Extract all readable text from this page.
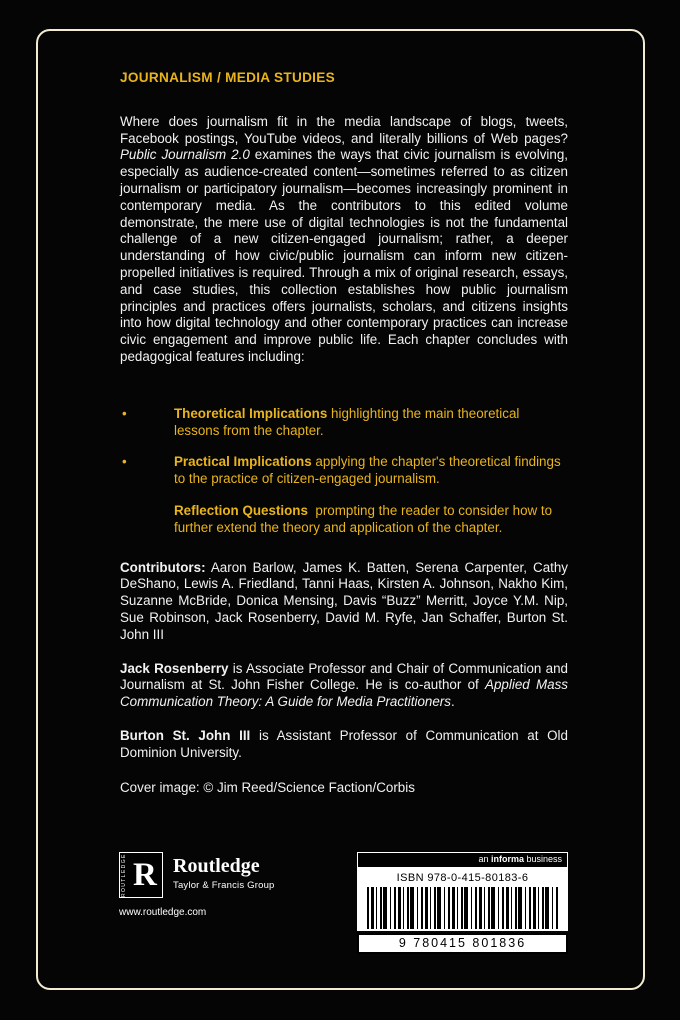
JOURNALISM / MEDIA STUDIES

Where does journalism fit in the media landscape of blogs, tweets, Facebook postings, YouTube videos, and literally billions of Web pages? Public Journalism 2.0 examines the ways that civic journalism is evolving, especially as audience-created content—sometimes referred to as citizen journalism or participatory journalism—becomes increasingly prominent in contemporary media. As the contributors to this edited volume demonstrate, the mere use of digital technologies is not the fundamental challenge of a new citizen-engaged journalism; rather, a deeper understanding of how civic/public journalism can inform new citizen-propelled initiatives is required. Through a mix of original research, essays, and case studies, this collection establishes how public journalism principles and practices offers journalists, scholars, and citizens insights into how digital technology and other contemporary practices can increase civic engagement and improve public life. Each chapter concludes with pedagogical features including:

•	Theoretical Implications highlighting the main theoretical lessons from the chapter.
•	Practical Implications applying the chapter's theoretical findings to the practice of citizen-engaged journalism.
Reflection Questions prompting the reader to consider how to further extend the theory and application of the chapter.

Contributors: Aaron Barlow, James K. Batten, Serena Carpenter, Cathy DeShano, Lewis A. Friedland, Tanni Haas, Kirsten A. Johnson, Nakho Kim, Suzanne McBride, Donica Mensing, Davis “Buzz” Merritt, Joyce Y.M. Nip, Sue Robinson, Jack Rosenberry, David M. Ryfe, Jan Schaffer, Burton St. John III

Jack Rosenberry is Associate Professor and Chair of Communication and Journalism at St. John Fisher College. He is co-author of Applied Mass Communication Theory: A Guide for Media Practitioners.

Burton St. John III is Assistant Professor of Communication at Old Dominion University.

Cover image: © Jim Reed/Science Faction/Corbis

ROUTLEDGE R Routledge
Taylor & Francis Group
www.routledge.com
an informa business
ISBN 978-0-415-80183-6
9 780415 801836
